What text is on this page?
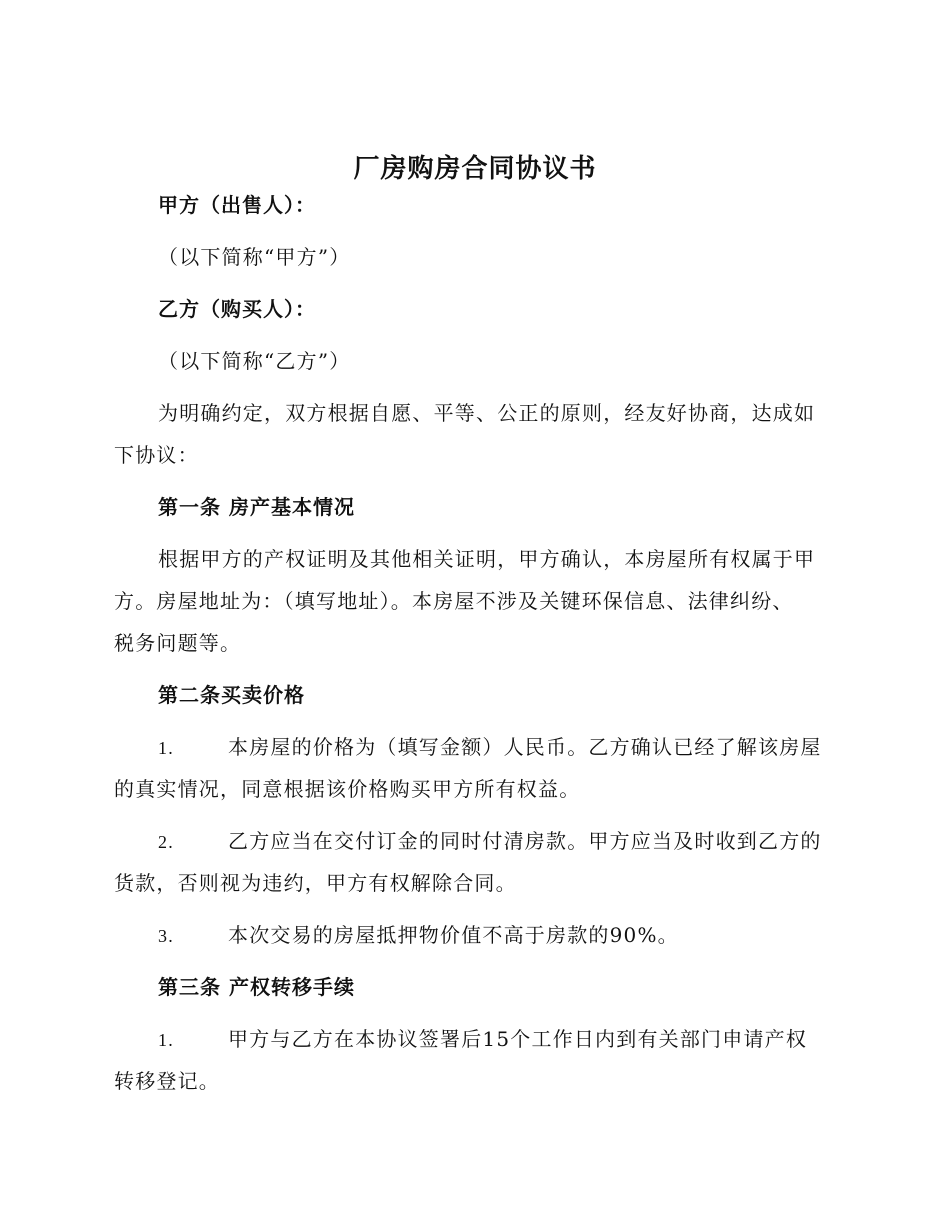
厂房购房合同协议书
甲方（出售人）：
（以下简称“甲方”）
乙方（购买人）：
（以下简称“乙方”）
为明确约定，双方根据自愿、平等、公正的原则，经友好协商，达成如
下协议：
第一条 房产基本情况
根据甲方的产权证明及其他相关证明，甲方确认，本房屋所有权属于甲
方。房屋地址为：（填写地址）。本房屋不涉及关键环保信息、法律纠纷、
税务问题等。
第二条买卖价格
1.	本房屋的价格为（填写金额）人民币。乙方确认已经了解该房屋
的真实情况，同意根据该价格购买甲方所有权益。
2.	乙方应当在交付订金的同时付清房款。甲方应当及时收到乙方的
货款，否则视为违约，甲方有权解除合同。
3.	本次交易的房屋抵押物价值不高于房款的90%。
第三条 产权转移手续
1.	甲方与乙方在本协议签署后15个工作日内到有关部门申请产权
转移登记。
